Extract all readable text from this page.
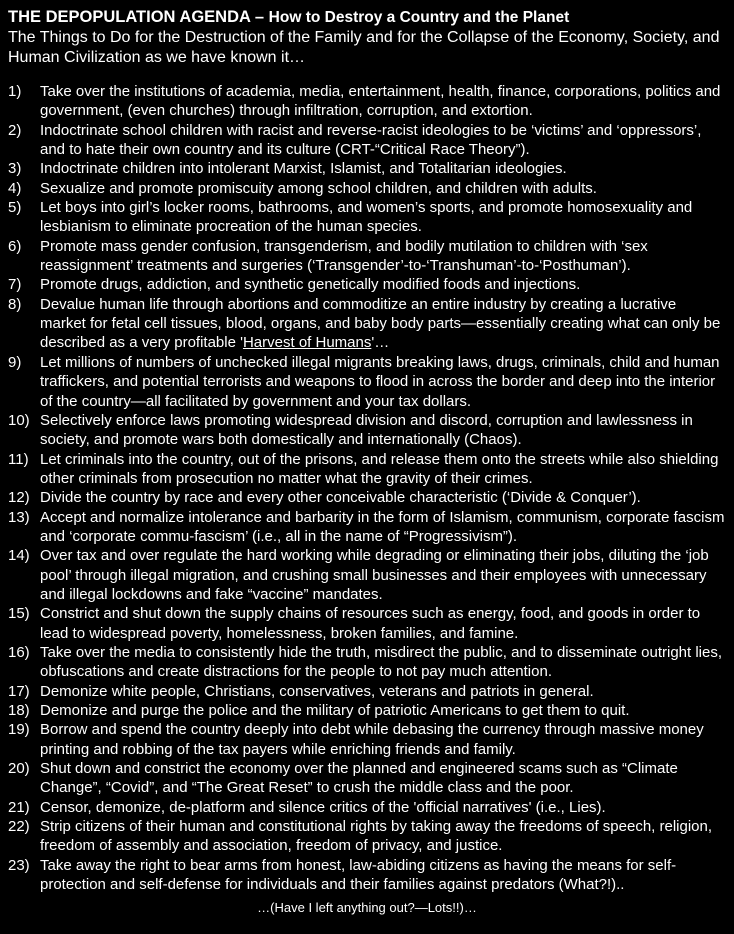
THE DEPOPULATION AGENDA – How to Destroy a Country and the Planet
The Things to Do for the Destruction of the Family and for the Collapse of the Economy, Society, and Human Civilization as we have known it…
1)	Take over the institutions of academia, media, entertainment, health, finance, corporations, politics and government, (even churches) through infiltration, corruption, and extortion.
2)	Indoctrinate school children with racist and reverse-racist ideologies to be ‘victims’ and ‘oppressors’, and to hate their own country and its culture (CRT-“Critical Race Theory”).
3)	Indoctrinate children into intolerant Marxist, Islamist, and Totalitarian ideologies.
4)	Sexualize and promote promiscuity among school children, and children with adults.
5)	Let boys into girl’s locker rooms, bathrooms, and women’s sports, and promote homosexuality and lesbianism to eliminate procreation of the human species.
6)	Promote mass gender confusion, transgenderism, and bodily mutilation to children with ‘sex reassignment’ treatments and surgeries (‘Transgender’-to-‘Transhuman’-to-‘Posthuman’).
7)	Promote drugs, addiction, and synthetic genetically modified foods and injections.
8)	Devalue human life through abortions and commoditize an entire industry by creating a lucrative market for fetal cell tissues, blood, organs, and baby body parts—essentially creating what can only be described as a very profitable 'Harvest of Humans'…
9)	Let millions of numbers of unchecked illegal migrants breaking laws, drugs, criminals, child and human traffickers, and potential terrorists and weapons to flood in across the border and deep into the interior of the country—all facilitated by government and your tax dollars.
10) Selectively enforce laws promoting widespread division and discord, corruption and lawlessness in society, and promote wars both domestically and internationally (Chaos).
11) Let criminals into the country, out of the prisons, and release them onto the streets while also shielding other criminals from prosecution no matter what the gravity of their crimes.
12) Divide the country by race and every other conceivable characteristic (‘Divide & Conquer’).
13) Accept and normalize intolerance and barbarity in the form of Islamism, communism, corporate fascism and ‘corporate commu-fascism’ (i.e., all in the name of “Progressivism”).
14) Over tax and over regulate the hard working while degrading or eliminating their jobs, diluting the ‘job pool’ through illegal migration, and crushing small businesses and their employees with unnecessary and illegal lockdowns and fake “vaccine” mandates.
15) Constrict and shut down the supply chains of resources such as energy, food, and goods in order to lead to widespread poverty, homelessness, broken families, and famine.
16) Take over the media to consistently hide the truth, misdirect the public, and to disseminate outright lies, obfuscations and create distractions for the people to not pay much attention.
17) Demonize white people, Christians, conservatives, veterans and patriots in general.
18) Demonize and purge the police and the military of patriotic Americans to get them to quit.
19) Borrow and spend the country deeply into debt while debasing the currency through massive money printing and robbing of the tax payers while enriching friends and family.
20) Shut down and constrict the economy over the planned and engineered scams such as “Climate Change”, “Covid”, and “The Great Reset” to crush the middle class and the poor.
21) Censor, demonize, de-platform and silence critics of the 'official narratives' (i.e., Lies).
22) Strip citizens of their human and constitutional rights by taking away the freedoms of speech, religion, freedom of assembly and association, freedom of privacy, and justice.
23) Take away the right to bear arms from honest, law-abiding citizens as having the means for self-protection and self-defense for individuals and their families against predators (What?!)..
…(Have I left anything out?—Lots!!)…
